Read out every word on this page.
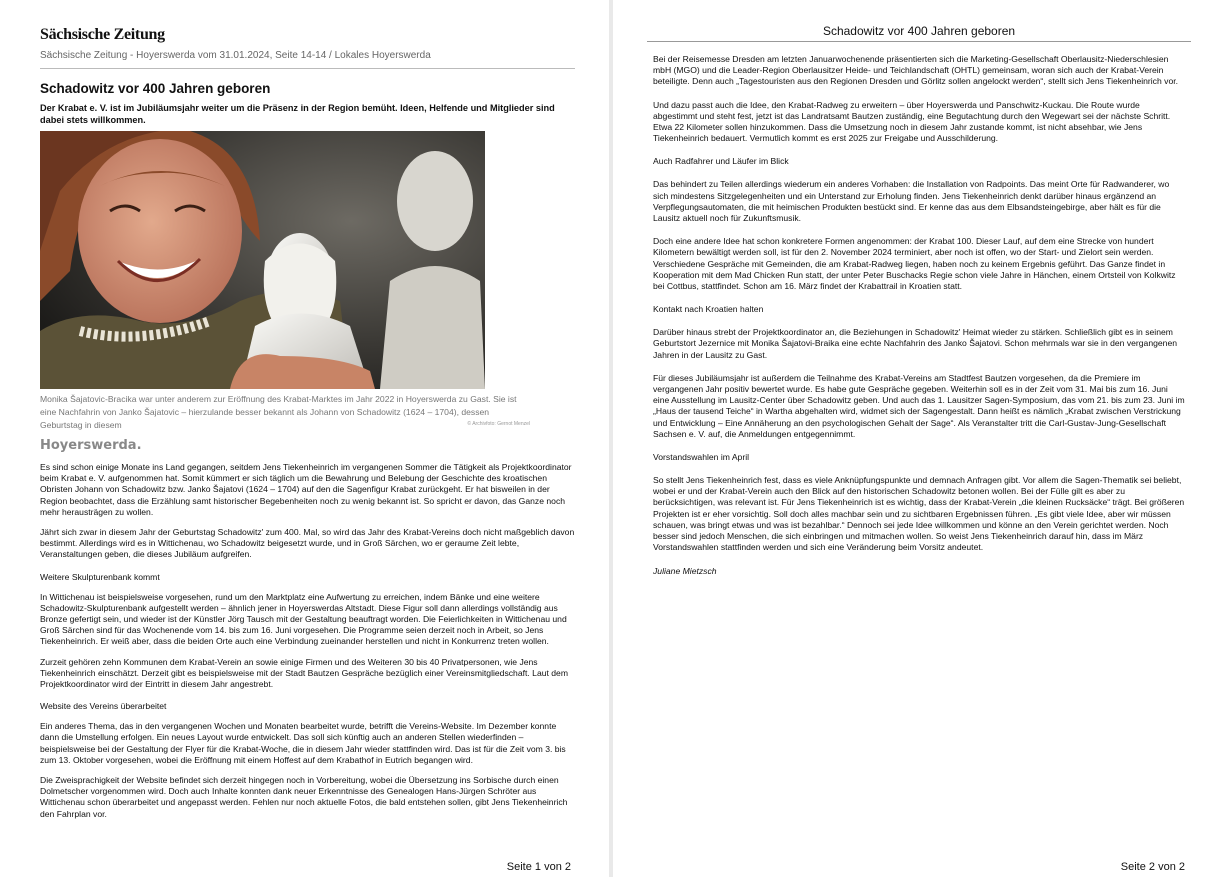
Sächsische Zeitung
Sächsische Zeitung - Hoyerswerda vom 31.01.2024, Seite 14-14 / Lokales Hoyerswerda
Schadowitz vor 400 Jahren geboren
Der Krabat e. V. ist im Jubiläumsjahr weiter um die Präsenz in der Region bemüht. Ideen, Helfende und Mitglieder sind dabei stets willkommen.
Monika Šajatovic-Bracika war unter anderem zur Eröffnung des Krabat-Marktes im Jahr 2022 in Hoyerswerda zu Gast. Sie ist eine Nachfahrin von Janko Šajatovic – hierzulande besser bekannt als Johann von Schadowitz (1624 – 1704), dessen Geburtstag in diesem	© Archivfoto: Gernot Menzel
Hoyerswerda.

Es sind schon einige Monate ins Land gegangen, seitdem Jens Tiekenheinrich im vergangenen Sommer die Tätigkeit als Projektkoordinator beim Krabat e. V. aufgenommen hat. Somit kümmert er sich täglich um die Bewahrung und Belebung der Geschichte des kroatischen Obristen Johann von Schadowitz bzw. Janko Šajatovi (1624 – 1704) auf den die Sagenfigur Krabat zurückgeht. Er hat bisweilen in der Region beobachtet, dass die Erzählung samt historischer Begebenheiten noch zu wenig bekannt ist. So spricht er davon, das Ganze noch mehr herausträgen zu wollen.

Jährt sich zwar in diesem Jahr der Geburtstag Schadowitz' zum 400. Mal, so wird das Jahr des Krabat-Vereins doch nicht maßgeblich davon bestimmt. Allerdings wird es in Wittichenau, wo Schadowitz beigesetzt wurde, und in Groß Särchen, wo er geraume Zeit lebte, Veranstaltungen geben, die dieses Jubiläum aufgreifen.

Weitere Skulpturenbank kommt

In Wittichenau ist beispielsweise vorgesehen, rund um den Marktplatz eine Aufwertung zu erreichen, indem Bänke und eine weitere Schadowitz-Skulpturenbank aufgestellt werden – ähnlich jener in Hoyerswerdas Altstadt. Diese Figur soll dann allerdings vollständig aus Bronze gefertigt sein, und wieder ist der Künstler Jörg Tausch mit der Gestaltung beauftragt worden. Die Feierlichkeiten in Wittichenau und Groß Särchen sind für das Wochenende vom 14. bis zum 16. Juni vorgesehen. Die Programme seien derzeit noch in Arbeit, so Jens Tiekenheinrich. Er weiß aber, dass die beiden Orte auch eine Verbindung zueinander herstellen und nicht in Konkurrenz treten wollen.

Zurzeit gehören zehn Kommunen dem Krabat-Verein an sowie einige Firmen und des Weiteren 30 bis 40 Privatpersonen, wie Jens Tiekenheinrich einschätzt. Derzeit gibt es beispielsweise mit der Stadt Bautzen Gespräche bezüglich einer Vereinsmitgliedschaft. Laut dem Projektkoordinator wird der Eintritt in diesem Jahr angestrebt.

Website des Vereins überarbeitet

Ein anderes Thema, das in den vergangenen Wochen und Monaten bearbeitet wurde, betrifft die Vereins-Website. Im Dezember konnte dann die Umstellung erfolgen. Ein neues Layout wurde entwickelt. Das soll sich künftig auch an anderen Stellen wiederfinden – beispielsweise bei der Gestaltung der Flyer für die Krabat-Woche, die in diesem Jahr wieder stattfinden wird. Das ist für die Zeit vom 3. bis zum 13. Oktober vorgesehen, wobei die Eröffnung mit einem Hoffest auf dem Krabathof in Eutrich begangen wird.

Die Zweisprachigkeit der Website befindet sich derzeit hingegen noch in Vorbereitung, wobei die Übersetzung ins Sorbische durch einen Dolmetscher vorgenommen wird. Doch auch Inhalte konnten dank neuer Erkenntnisse des Genealogen Hans-Jürgen Schröter aus Wittichenau schon überarbeitet und angepasst werden. Fehlen nur noch aktuelle Fotos, die bald entstehen sollen, gibt Jens Tiekenheinrich den Fahrplan vor.

Seite 1 von 2
Schadowitz vor 400 Jahren geboren

Bei der Reisemesse Dresden am letzten Januarwochenende präsentierten sich die Marketing-Gesellschaft Oberlausitz-Niederschlesien mbH (MGO) und die Leader-Region Oberlausitzer Heide- und Teichlandschaft (OHTL) gemeinsam, woran sich auch der Krabat-Verein beteiligte. Denn auch „Tagestouristen aus den Regionen Dresden und Görlitz sollen angelockt werden“, stellt sich Jens Tiekenheinrich vor.

Und dazu passt auch die Idee, den Krabat-Radweg zu erweitern – über Hoyerswerda und Panschwitz-Kuckau. Die Route wurde abgestimmt und steht fest, jetzt ist das Landratsamt Bautzen zuständig, eine Begutachtung durch den Wegewart sei der nächste Schritt. Etwa 22 Kilometer sollen hinzukommen. Dass die Umsetzung noch in diesem Jahr zustande kommt, ist nicht absehbar, wie Jens Tiekenheinrich bedauert. Vermutlich kommt es erst 2025 zur Freigabe und Ausschilderung.

Auch Radfahrer und Läufer im Blick

Das behindert zu Teilen allerdings wiederum ein anderes Vorhaben: die Installation von Radpoints. Das meint Orte für Radwanderer, wo sich mindestens Sitzgelegenheiten und ein Unterstand zur Erholung finden. Jens Tiekenheinrich denkt darüber hinaus ergänzend an Verpflegungsautomaten, die mit heimischen Produkten bestückt sind. Er kenne das aus dem Elbsandsteingebirge, aber hält es für die Lausitz aktuell noch für Zukunftsmusik.

Doch eine andere Idee hat schon konkretere Formen angenommen: der Krabat 100. Dieser Lauf, auf dem eine Strecke von hundert Kilometern bewältigt werden soll, ist für den 2. November 2024 terminiert, aber noch ist offen, wo der Start- und Zielort sein werden. Verschiedene Gespräche mit Gemeinden, die am Krabat-Radweg liegen, haben noch zu keinem Ergebnis geführt. Das Ganze findet in Kooperation mit dem Mad Chicken Run statt, der unter Peter Buschacks Regie schon viele Jahre in Hänchen, einem Ortsteil von Kolkwitz bei Cottbus, stattfindet. Schon am 16. März findet der Krabattrail in Kroatien statt.

Kontakt nach Kroatien halten

Darüber hinaus strebt der Projektkoordinator an, die Beziehungen in Schadowitz' Heimat wieder zu stärken. Schließlich gibt es in seinem Geburtstort Jezernice mit Monika Šajatovi-Braika eine echte Nachfahrin des Janko Šajatovi. Schon mehrmals war sie in den vergangenen Jahren in der Lausitz zu Gast.

Für dieses Jubiläumsjahr ist außerdem die Teilnahme des Krabat-Vereins am Stadtfest Bautzen vorgesehen, da die Premiere im vergangenen Jahr positiv bewertet wurde. Es habe gute Gespräche gegeben. Weiterhin soll es in der Zeit vom 31. Mai bis zum 16. Juni eine Ausstellung im Lausitz-Center über Schadowitz geben. Und auch das 1. Lausitzer Sagen-Symposium, das vom 21. bis zum 23. Juni im „Haus der tausend Teiche“ in Wartha abgehalten wird, widmet sich der Sagengestalt. Dann heißt es nämlich „Krabat zwischen Verstrickung und Entwicklung – Eine Annäherung an den psychologischen Gehalt der Sage“. Als Veranstalter tritt die Carl-Gustav-Jung-Gesellschaft Sachsen e. V. auf, die Anmeldungen entgegennimmt.

Vorstandswahlen im April

So stellt Jens Tiekenheinrich fest, dass es viele Anknüpfungspunkte und demnach Anfragen gibt. Vor allem die Sagen-Thematik sei beliebt, wobei er und der Krabat-Verein auch den Blick auf den historischen Schadowitz betonen wollen. Bei der Fülle gilt es aber zu berücksichtigen, was relevant ist. Für Jens Tiekenheinrich ist es wichtig, dass der Krabat-Verein „die kleinen Rucksäcke“ trägt. Bei größeren Projekten ist er eher vorsichtig. Soll doch alles machbar sein und zu sichtbaren Ergebnissen führen. „Es gibt viele Idee, aber wir müssen schauen, was bringt etwas und was ist bezahlbar.“ Dennoch sei jede Idee willkommen und könne an den Verein gerichtet werden. Noch besser sind jedoch Menschen, die sich einbringen und mitmachen wollen. So weist Jens Tiekenheinrich darauf hin, dass im März Vorstandswahlen stattfinden werden und sich eine Veränderung beim Vorsitz andeutet.

Juliane Mietzsch

Seite 2 von 2
